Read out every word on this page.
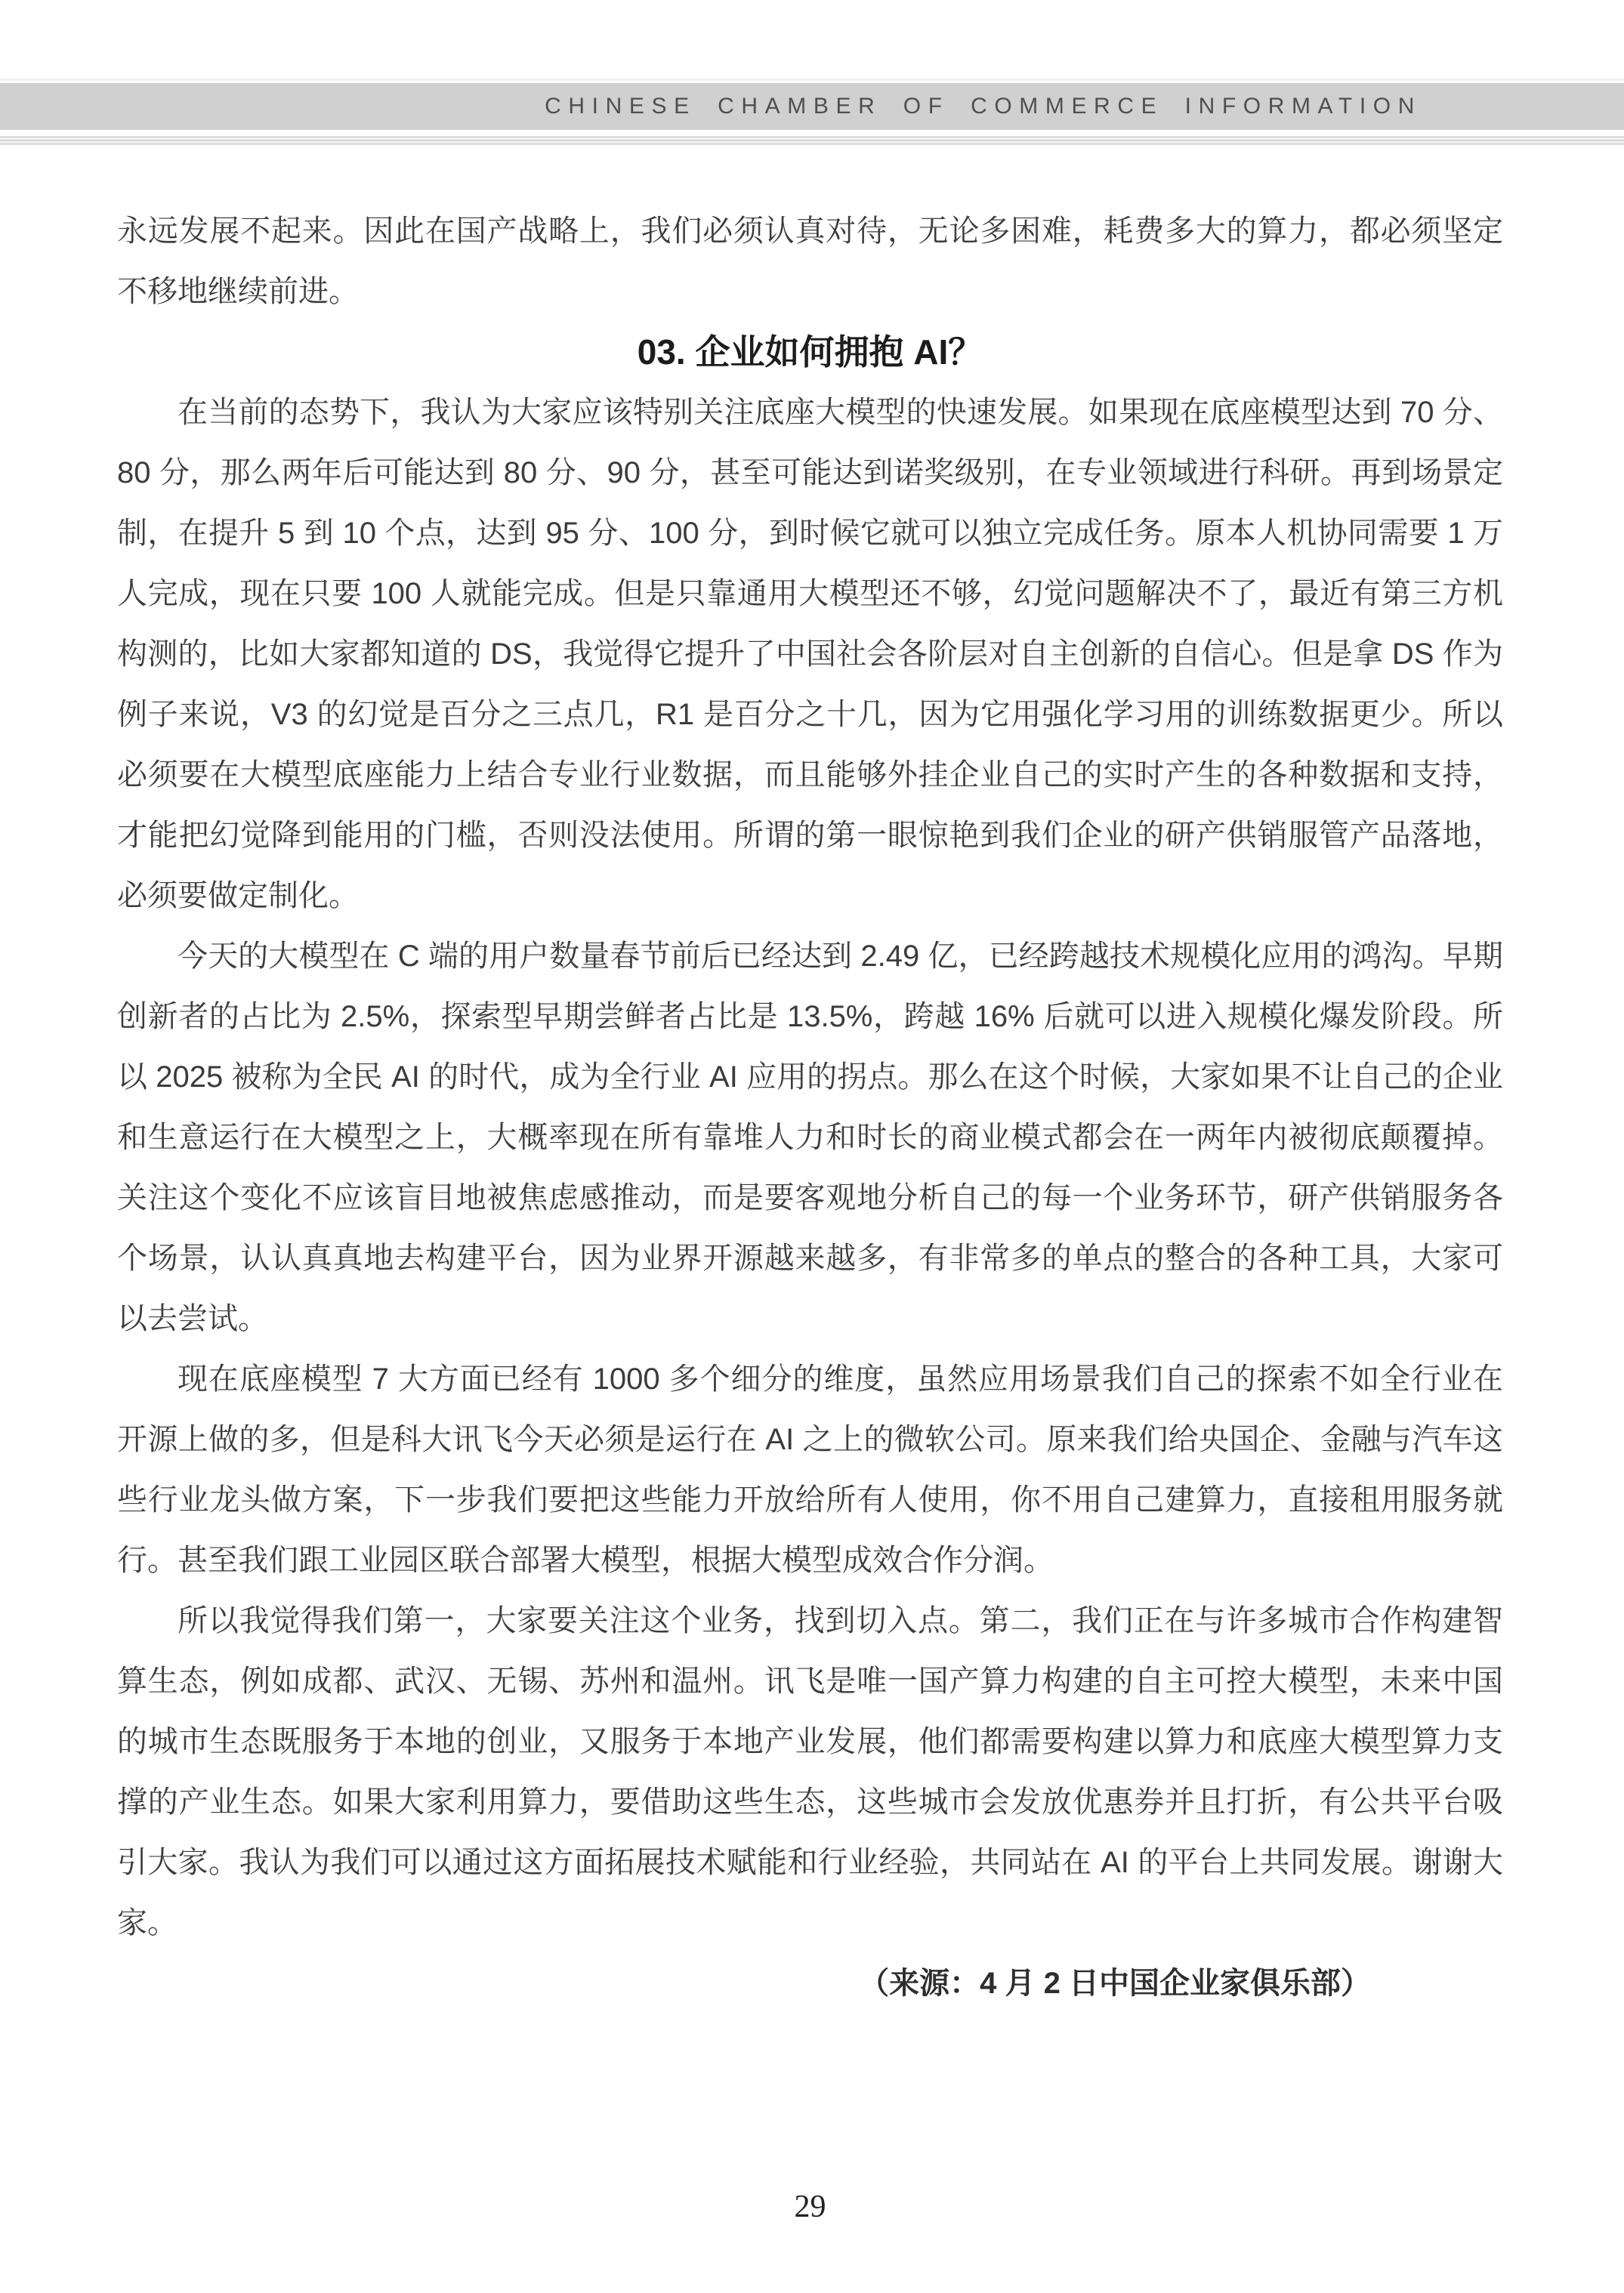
CHINESE CHAMBER OF COMMERCE INFORMATION

永远发展不起来。因此在国产战略上，我们必须认真对待，无论多困难，耗费多大的算力，都必须坚定不移地继续前进。

03. 企业如何拥抱 AI？

在当前的态势下，我认为大家应该特别关注底座大模型的快速发展。如果现在底座模型达到 70 分、80 分，那么两年后可能达到 80 分、90 分，甚至可能达到诺奖级别，在专业领域进行科研。再到场景定制，在提升 5 到 10 个点，达到 95 分、100 分，到时候它就可以独立完成任务。原本人机协同需要 1 万人完成，现在只要 100 人就能完成。但是只靠通用大模型还不够，幻觉问题解决不了，最近有第三方机构测的，比如大家都知道的 DS，我觉得它提升了中国社会各阶层对自主创新的自信心。但是拿 DS 作为例子来说，V3 的幻觉是百分之三点几，R1 是百分之十几，因为它用强化学习用的训练数据更少。所以必须要在大模型底座能力上结合专业行业数据，而且能够外挂企业自己的实时产生的各种数据和支持，才能把幻觉降到能用的门槛，否则没法使用。所谓的第一眼惊艳到我们企业的研产供销服管产品落地，必须要做定制化。

今天的大模型在 C 端的用户数量春节前后已经达到 2.49 亿，已经跨越技术规模化应用的鸿沟。早期创新者的占比为 2.5%，探索型早期尝鲜者占比是 13.5%，跨越 16% 后就可以进入规模化爆发阶段。所以 2025 被称为全民 AI 的时代，成为全行业 AI 应用的拐点。那么在这个时候，大家如果不让自己的企业和生意运行在大模型之上，大概率现在所有靠堆人力和时长的商业模式都会在一两年内被彻底颠覆掉。关注这个变化不应该盲目地被焦虑感推动，而是要客观地分析自己的每一个业务环节，研产供销服务各个场景，认认真真地去构建平台，因为业界开源越来越多，有非常多的单点的整合的各种工具，大家可以去尝试。

现在底座模型 7 大方面已经有 1000 多个细分的维度，虽然应用场景我们自己的探索不如全行业在开源上做的多，但是科大讯飞今天必须是运行在 AI 之上的微软公司。原来我们给央国企、金融与汽车这些行业龙头做方案，下一步我们要把这些能力开放给所有人使用，你不用自己建算力，直接租用服务就行。甚至我们跟工业园区联合部署大模型，根据大模型成效合作分润。

所以我觉得我们第一，大家要关注这个业务，找到切入点。第二，我们正在与许多城市合作构建智算生态，例如成都、武汉、无锡、苏州和温州。讯飞是唯一国产算力构建的自主可控大模型，未来中国的城市生态既服务于本地的创业，又服务于本地产业发展，他们都需要构建以算力和底座大模型算力支撑的产业生态。如果大家利用算力，要借助这些生态，这些城市会发放优惠券并且打折，有公共平台吸引大家。我认为我们可以通过这方面拓展技术赋能和行业经验，共同站在 AI 的平台上共同发展。谢谢大家。

（来源：4 月 2 日中国企业家俱乐部）

29
